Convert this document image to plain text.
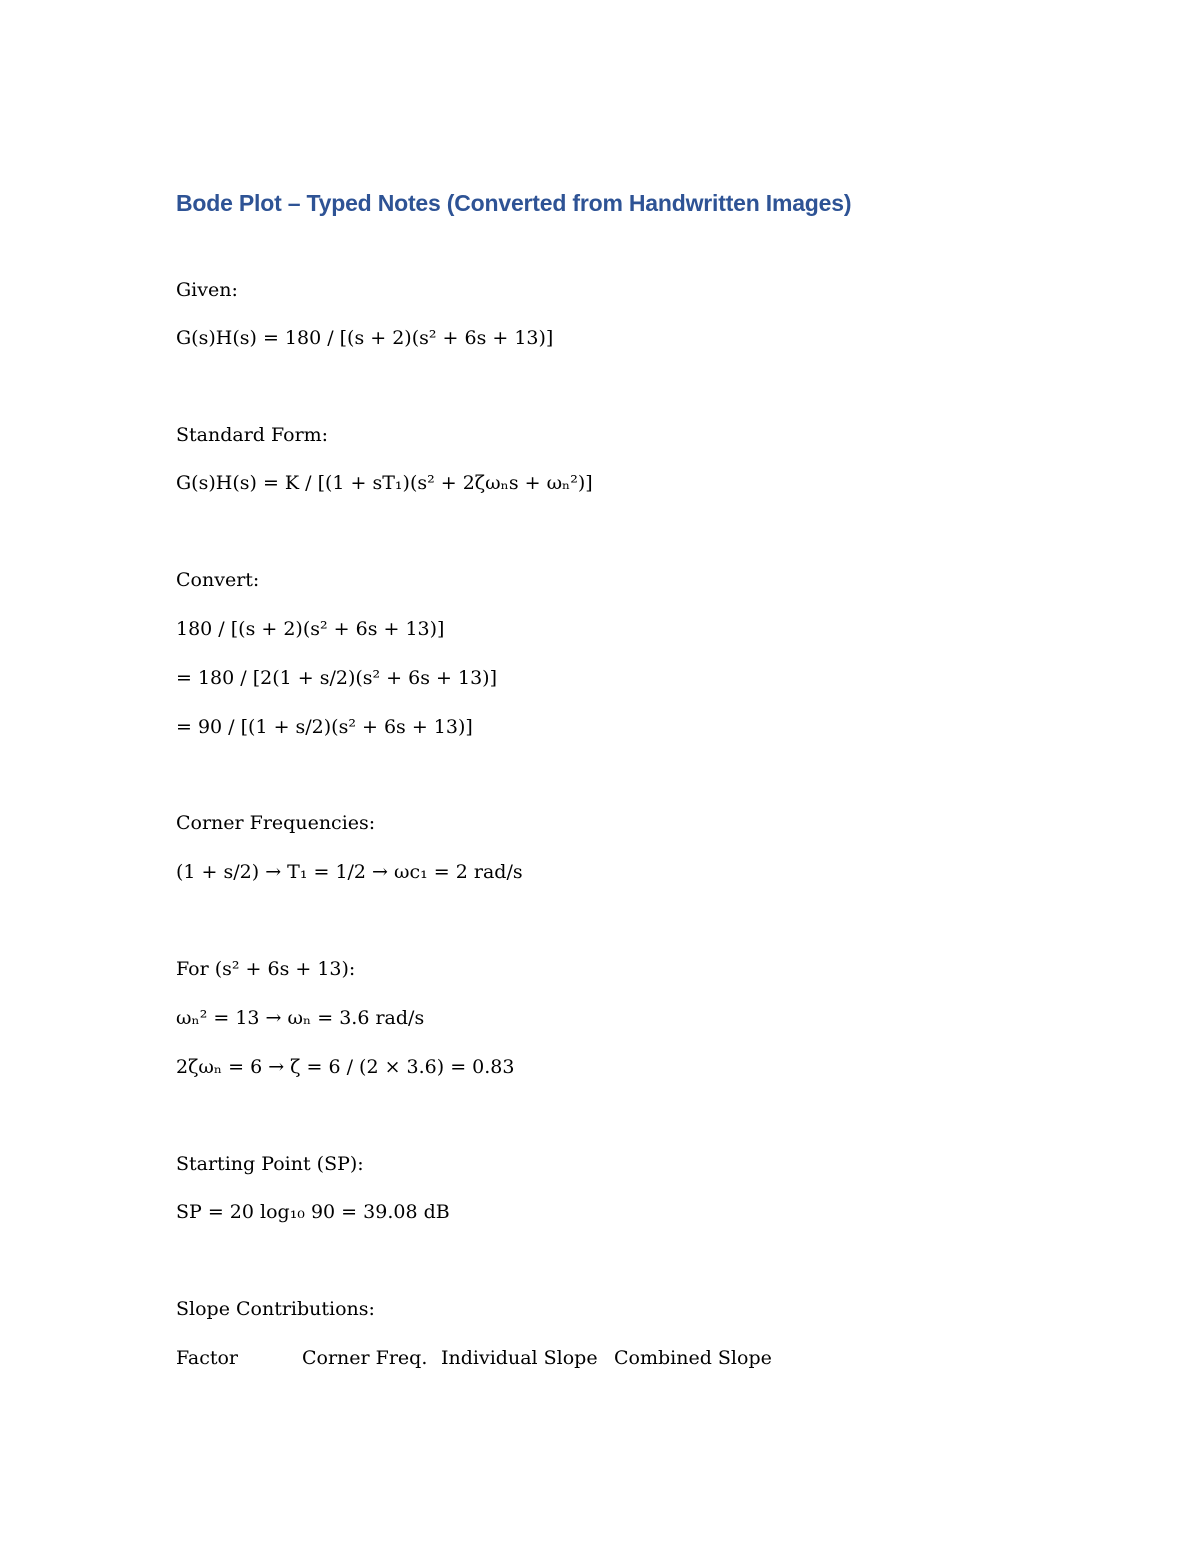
Bode Plot – Typed Notes (Converted from Handwritten Images)
Given:
G(s)H(s) = 180 / [(s + 2)(s² + 6s + 13)]
Standard Form:
G(s)H(s) = K / [(1 + sT₁)(s² + 2ζωₙs + ωₙ²)]
Convert:
180 / [(s + 2)(s² + 6s + 13)]
= 180 / [2(1 + s/2)(s² + 6s + 13)]
= 90 / [(1 + s/2)(s² + 6s + 13)]
Corner Frequencies:
(1 + s/2) → T₁ = 1/2 → ωc₁ = 2 rad/s
For (s² + 6s + 13):
ωₙ² = 13 → ωₙ = 3.6 rad/s
2ζωₙ = 6 → ζ = 6 / (2 × 3.6) = 0.83
Starting Point (SP):
SP = 20 log₁₀ 90 = 39.08 dB
Slope Contributions:
Factor	Corner Freq. Individual Slope Combined Slope
